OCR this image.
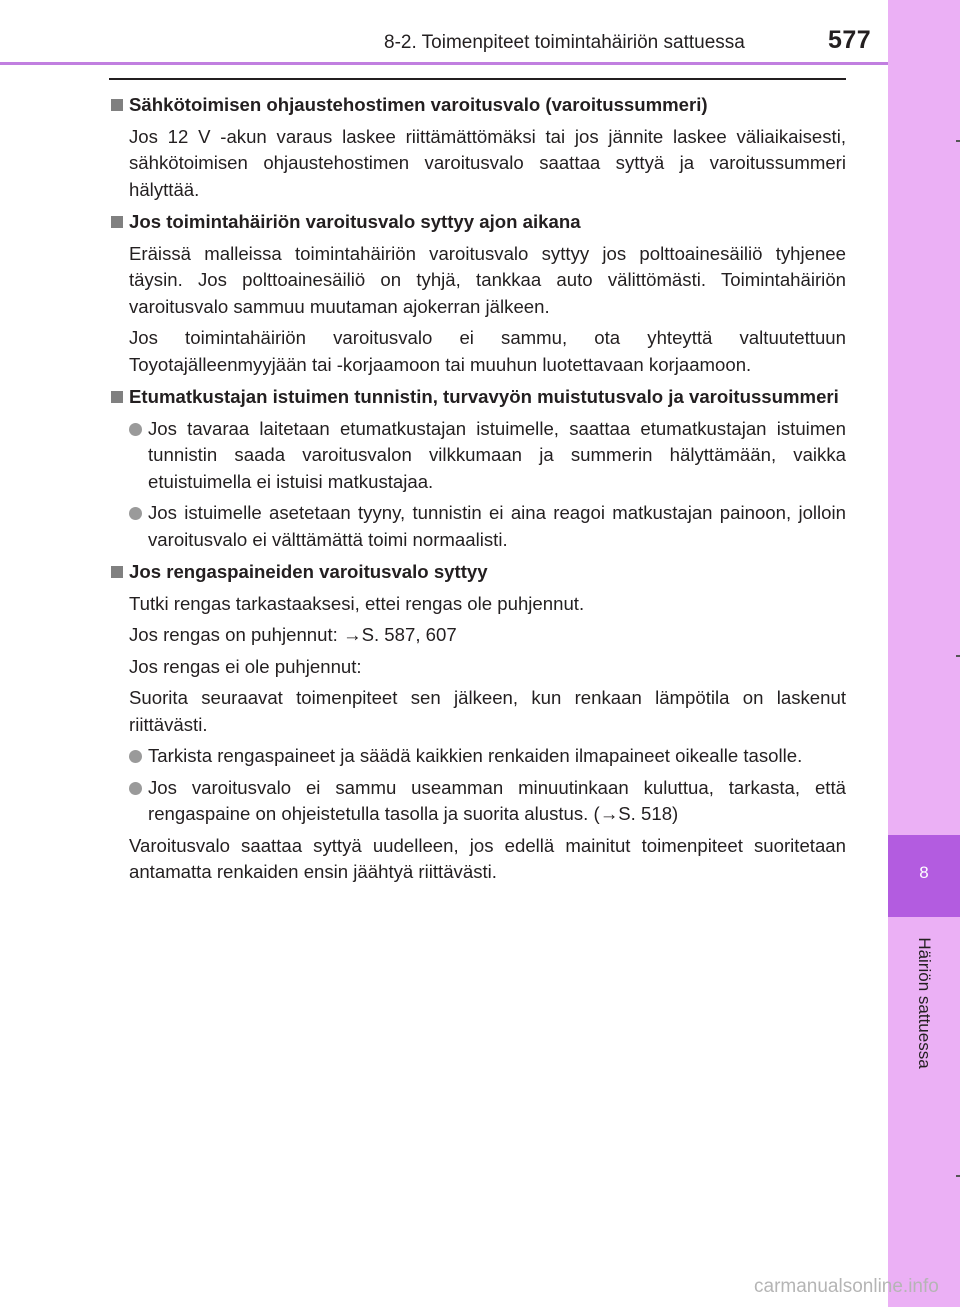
8
Häiriön sattuessa
8-2. Toimenpiteet toimintahäiriön sattuessa	577
Sähkötoimisen ohjaustehostimen varoitusvalo (varoitussummeri)
Jos 12 V -akun varaus laskee riittämättömäksi tai jos jännite laskee väliaikaisesti, sähkötoimisen ohjaustehostimen varoitusvalo saattaa syttyä ja varoitussummeri hälyttää.
Jos toimintahäiriön varoitusvalo syttyy ajon aikana
Eräissä malleissa toimintahäiriön varoitusvalo syttyy jos polttoainesäiliö tyhjenee täysin. Jos polttoainesäiliö on tyhjä, tankkaa auto välittömästi. Toimintahäiriön varoitusvalo sammuu muutaman ajokerran jälkeen.
Jos toimintahäiriön varoitusvalo ei sammu, ota yhteyttä valtuutettuun Toyotajälleenmyyjään tai -korjaamoon tai muuhun luotettavaan korjaamoon.
Etumatkustajan istuimen tunnistin, turvavyön muistutusvalo ja varoitussummeri
Jos tavaraa laitetaan etumatkustajan istuimelle, saattaa etumatkustajan istuimen tunnistin saada varoitusvalon vilkkumaan ja summerin hälyttämään, vaikka etuistuimella ei istuisi matkustajaa.
Jos istuimelle asetetaan tyyny, tunnistin ei aina reagoi matkustajan painoon, jolloin varoitusvalo ei välttämättä toimi normaalisti.
Jos rengaspaineiden varoitusvalo syttyy
Tutki rengas tarkastaaksesi, ettei rengas ole puhjennut.
Jos rengas on puhjennut: →S. 587, 607
Jos rengas ei ole puhjennut:
Suorita seuraavat toimenpiteet sen jälkeen, kun renkaan lämpötila on laskenut riittävästi.
Tarkista rengaspaineet ja säädä kaikkien renkaiden ilmapaineet oikealle tasolle.
Jos varoitusvalo ei sammu useamman minuutinkaan kuluttua, tarkasta, että rengaspaine on ohjeistetulla tasolla ja suorita alustus. (→S. 518)
Varoitusvalo saattaa syttyä uudelleen, jos edellä mainitut toimenpiteet suoritetaan antamatta renkaiden ensin jäähtyä riittävästi.
carmanualsonline.info
